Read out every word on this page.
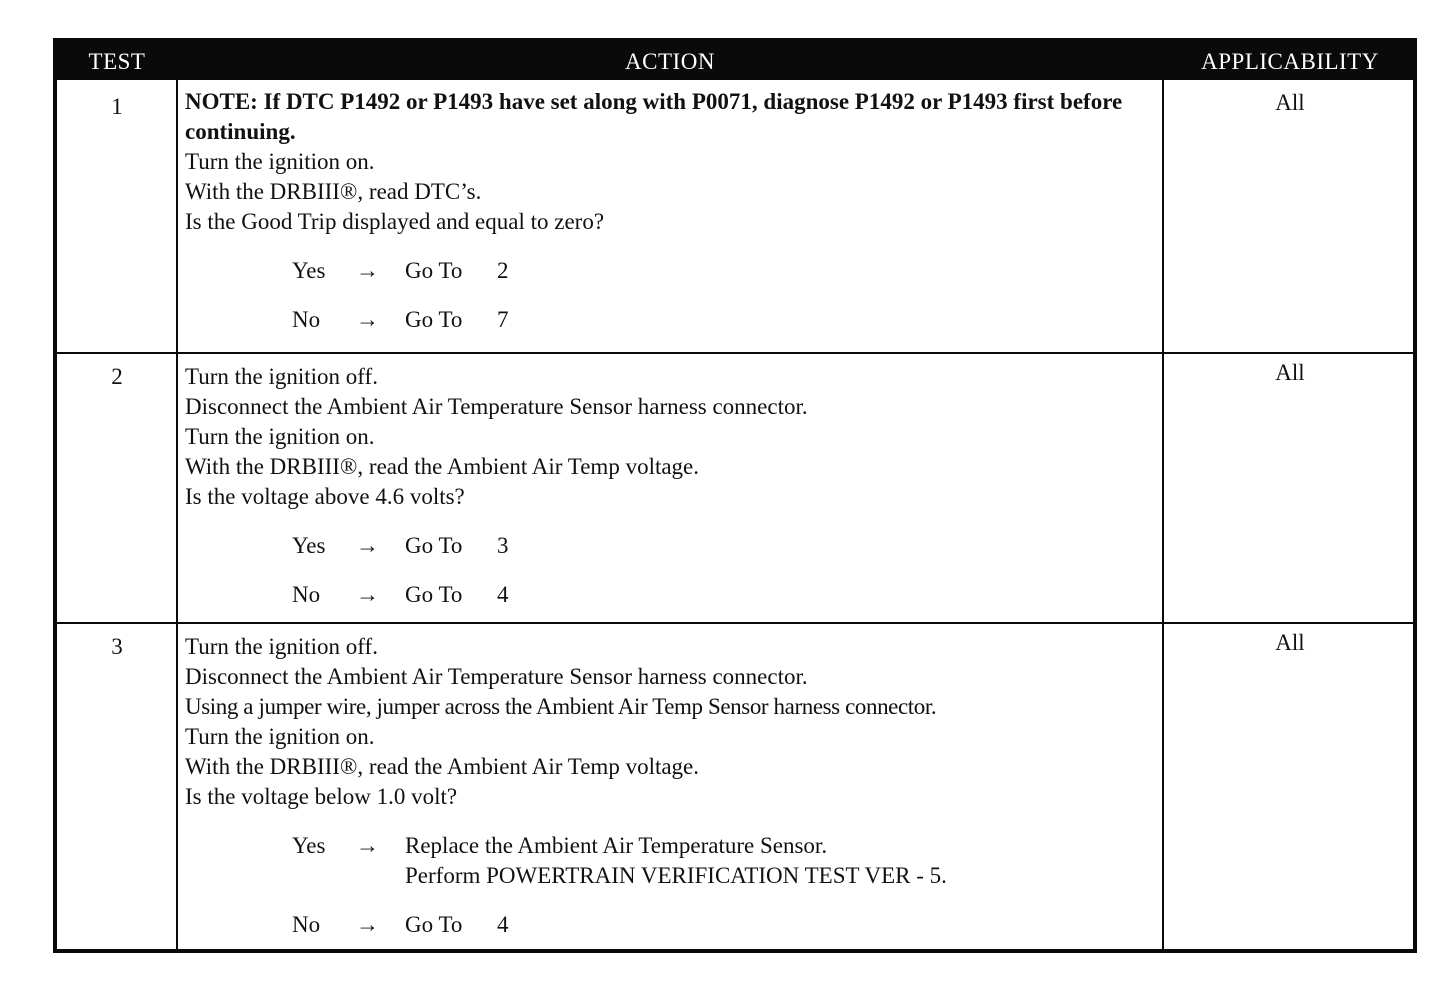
TEST	ACTION	APPLICABILITY
1	NOTE: If DTC P1492 or P1493 have set along with P0071, diagnose P1492 or P1493 first before continuing.
Turn the ignition on.
With the DRBIII®, read DTC’s.
Is the Good Trip displayed and equal to zero?
Yes → Go To 2
No → Go To 7
All
2	Turn the ignition off.
Disconnect the Ambient Air Temperature Sensor harness connector.
Turn the ignition on.
With the DRBIII®, read the Ambient Air Temp voltage.
Is the voltage above 4.6 volts?
Yes → Go To 3
No → Go To 4
All
3	Turn the ignition off.
Disconnect the Ambient Air Temperature Sensor harness connector.
Using a jumper wire, jumper across the Ambient Air Temp Sensor harness connector.
Turn the ignition on.
With the DRBIII®, read the Ambient Air Temp voltage.
Is the voltage below 1.0 volt?
Yes → Replace the Ambient Air Temperature Sensor.
Perform POWERTRAIN VERIFICATION TEST VER - 5.
No → Go To 4
All
